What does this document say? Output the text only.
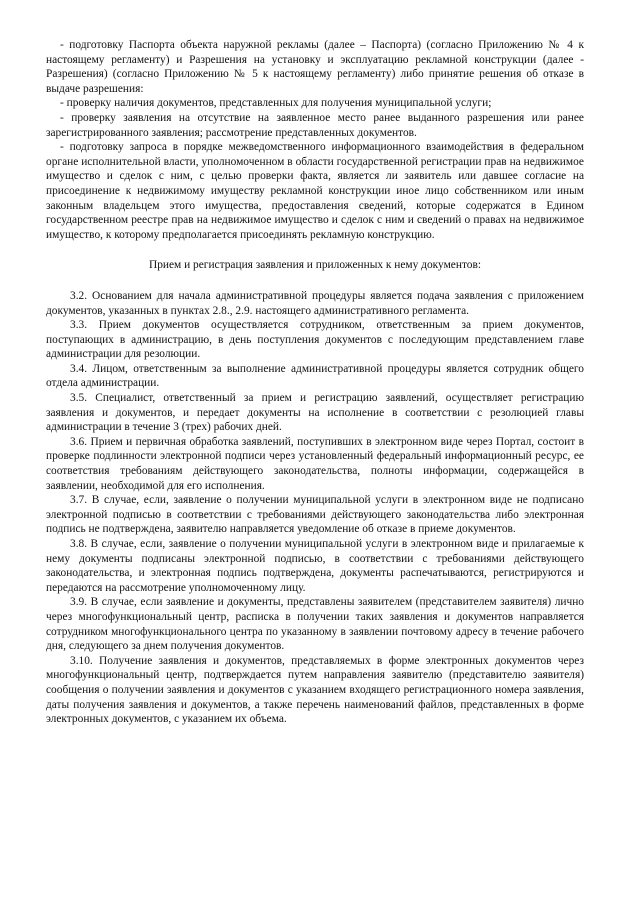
- подготовку Паспорта объекта наружной рекламы (далее – Паспорта) (согласно Приложению № 4 к настоящему регламенту) и Разрешения на установку и эксплуатацию рекламной конструкции (далее - Разрешения) (согласно Приложению № 5 к настоящему регламенту) либо принятие решения об отказе в выдаче разрешения:

- проверку наличия документов, представленных для получения муниципальной услуги;

- проверку заявления на отсутствие на заявленное место ранее выданного разрешения или ранее зарегистрированного заявления; рассмотрение представленных документов.

- подготовку запроса в порядке межведомственного информационного взаимодействия в федеральном органе исполнительной власти, уполномоченном в области государственной регистрации прав на недвижимое имущество и сделок с ним, с целью проверки факта, является ли заявитель или давшее согласие на присоединение к недвижимому имуществу рекламной конструкции иное лицо собственником или иным законным владельцем этого имущества, предоставления сведений, которые содержатся в Едином государственном реестре прав на недвижимое имущество и сделок с ним и сведений о правах на недвижимое имущество, к которому предполагается присоединять рекламную конструкцию.

Прием и регистрация заявления и приложенных к нему документов:

3.2. Основанием для начала административной процедуры является подача заявления с приложением документов, указанных в пунктах 2.8., 2.9. настоящего административного регламента.

3.3. Прием документов осуществляется сотрудником, ответственным за прием документов, поступающих в администрацию, в день поступления документов с последующим представлением главе администрации для резолюции.

3.4. Лицом, ответственным за выполнение административной процедуры является сотрудник общего отдела администрации.

3.5. Специалист, ответственный за прием и регистрацию заявлений, осуществляет регистрацию заявления и документов, и передает документы на исполнение в соответствии с резолюцией главы администрации в течение 3 (трех) рабочих дней.

3.6. Прием и первичная обработка заявлений, поступивших в электронном виде через Портал, состоит в проверке подлинности электронной подписи через установленный федеральный информационный ресурс, ее соответствия требованиям действующего законодательства, полноты информации, содержащейся в заявлении, необходимой для его исполнения.

3.7. В случае, если, заявление о получении муниципальной услуги в электронном виде не подписано электронной подписью в соответствии с требованиями действующего законодательства либо электронная подпись не подтверждена, заявителю направляется уведомление об отказе в приеме документов.

3.8. В случае, если, заявление о получении муниципальной услуги в электронном виде и прилагаемые к нему документы подписаны электронной подписью, в соответствии с требованиями действующего законодательства, и электронная подпись подтверждена, документы распечатываются, регистрируются и передаются на рассмотрение уполномоченному лицу.

3.9. В случае, если заявление и документы, представлены заявителем (представителем заявителя) лично через многофункциональный центр, расписка в получении таких заявления и документов направляется сотрудником многофункционального центра по указанному в заявлении почтовому адресу в течение рабочего дня, следующего за днем получения документов.

3.10. Получение заявления и документов, представляемых в форме электронных документов через многофункциональный центр, подтверждается путем направления заявителю (представителю заявителя) сообщения о получении заявления и документов с указанием входящего регистрационного номера заявления, даты получения заявления и документов, а также перечень наименований файлов, представленных в форме электронных документов, с указанием их объема.
